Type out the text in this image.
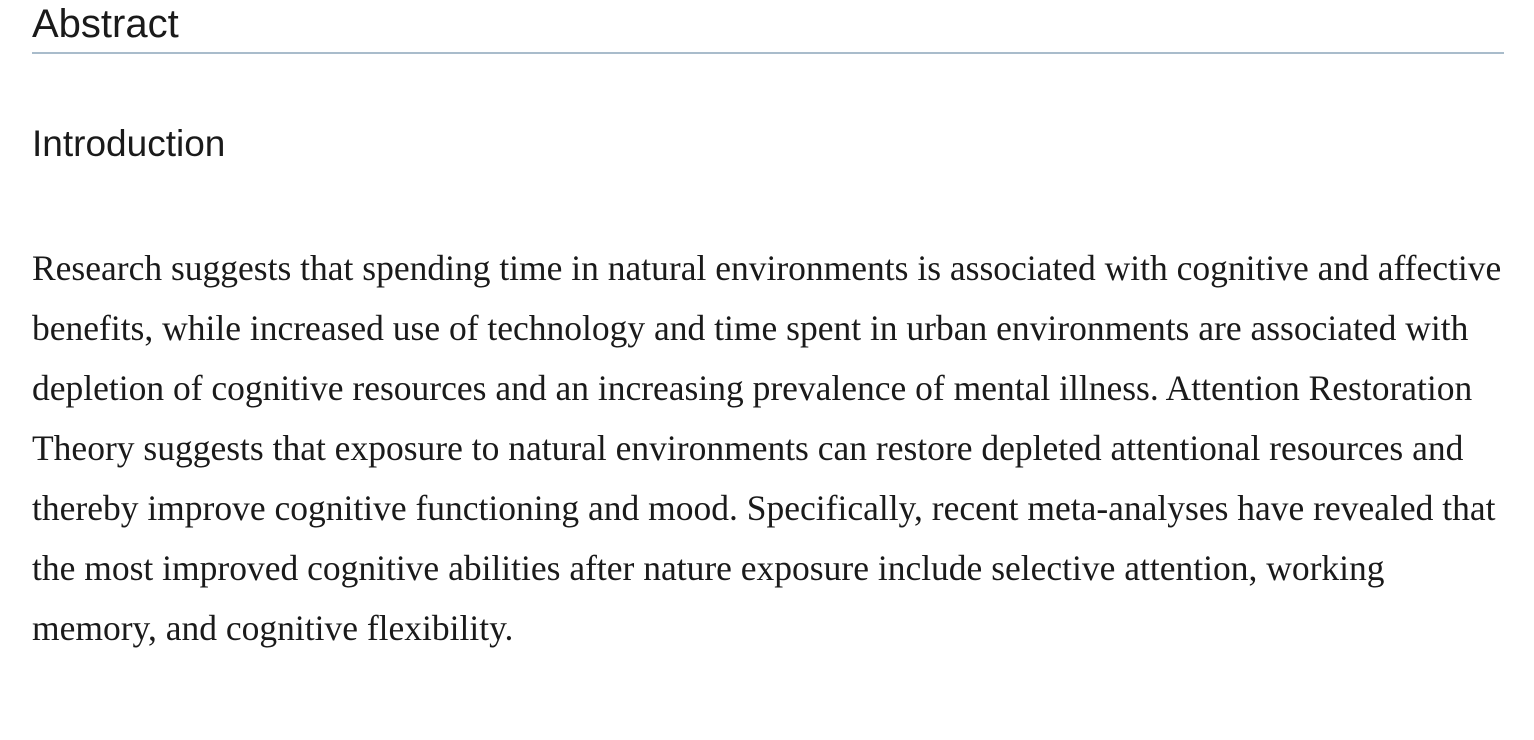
Abstract
Introduction

Research suggests that spending time in natural environments is associated with cognitive and affective benefits, while increased use of technology and time spent in urban environments are associated with depletion of cognitive resources and an increasing prevalence of mental illness. Attention Restoration Theory suggests that exposure to natural environments can restore depleted attentional resources and thereby improve cognitive functioning and mood. Specifically, recent meta-analyses have revealed that the most improved cognitive abilities after nature exposure include selective attention, working memory, and cognitive flexibility.
